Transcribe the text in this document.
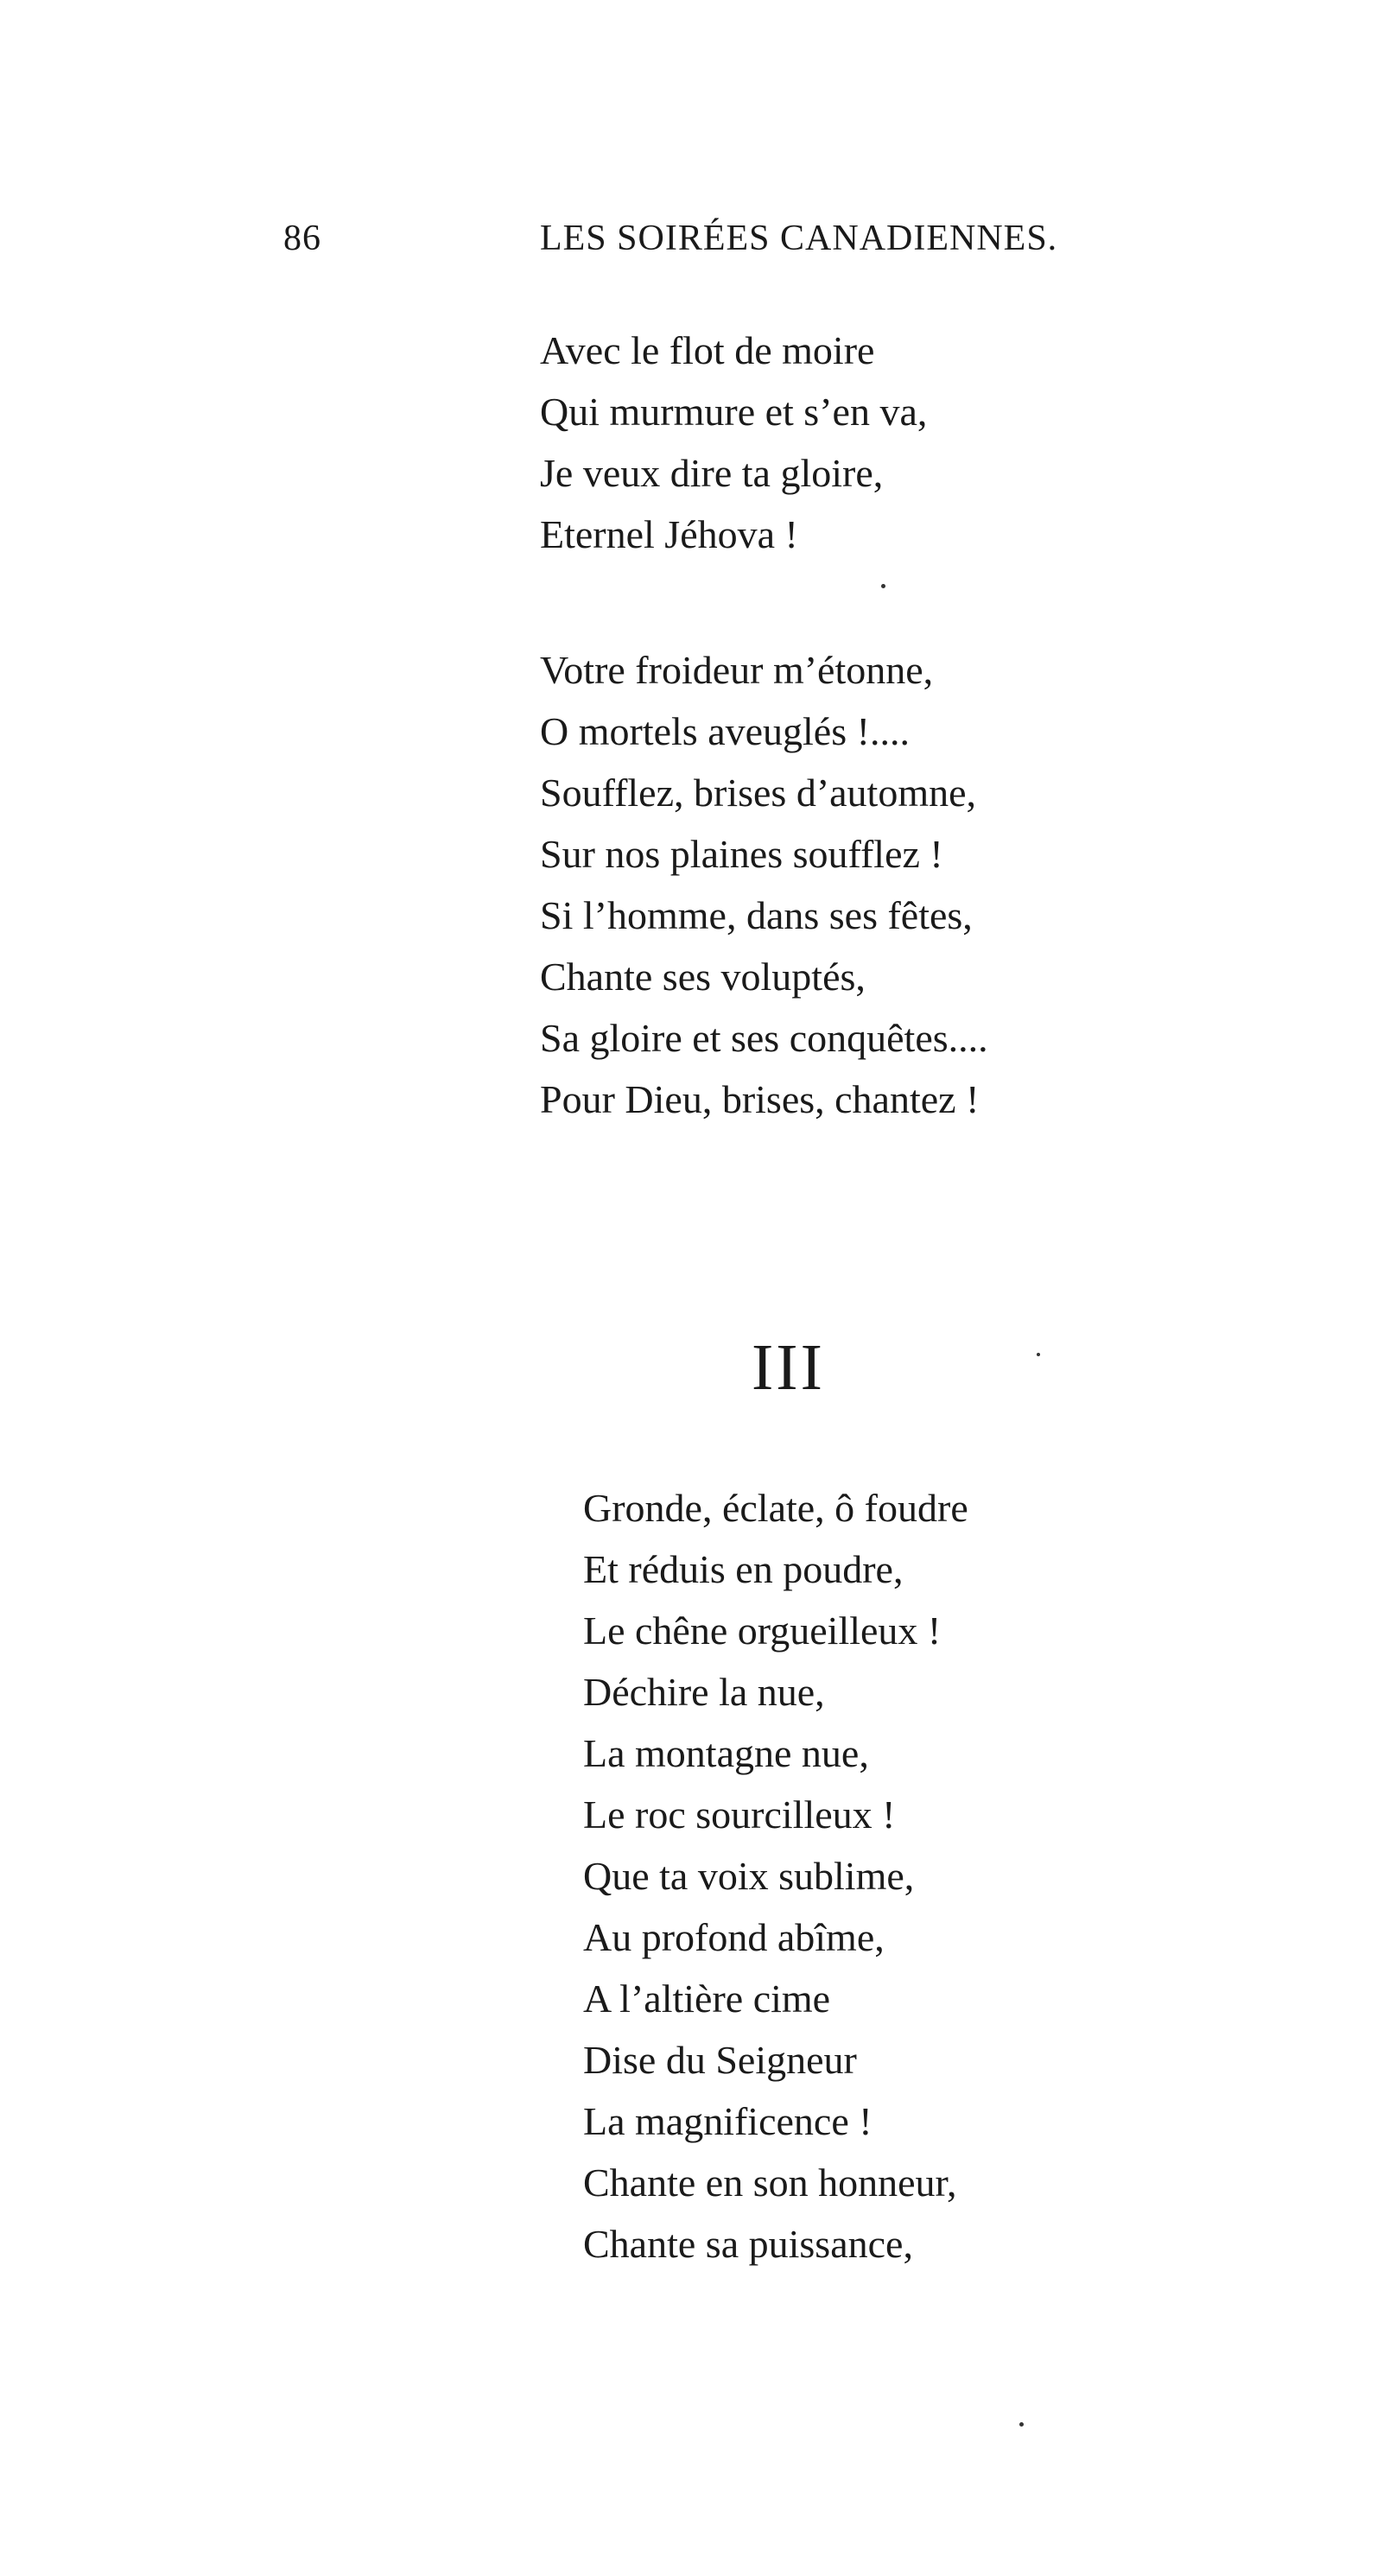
86	LES SOIRÉES CANADIENNES.
Avec le flot de moire
Qui murmure et s’en va,
Je veux dire ta gloire,
Eternel Jéhova !
Votre froideur m’étonne,
O mortels aveuglés !....
Soufflez, brises d’automne,
Sur nos plaines soufflez !
Si l’homme, dans ses fêtes,
Chante ses voluptés,
Sa gloire et ses conquêtes....
Pour Dieu, brises, chantez !
III
Gronde, éclate, ô foudre
Et réduis en poudre,
Le chêne orgueilleux !
Déchire la nue,
La montagne nue,
Le roc sourcilleux !
Que ta voix sublime,
Au profond abîme,
A l’altière cime
Dise du Seigneur
La magnificence !
Chante en son honneur,
Chante sa puissance,
